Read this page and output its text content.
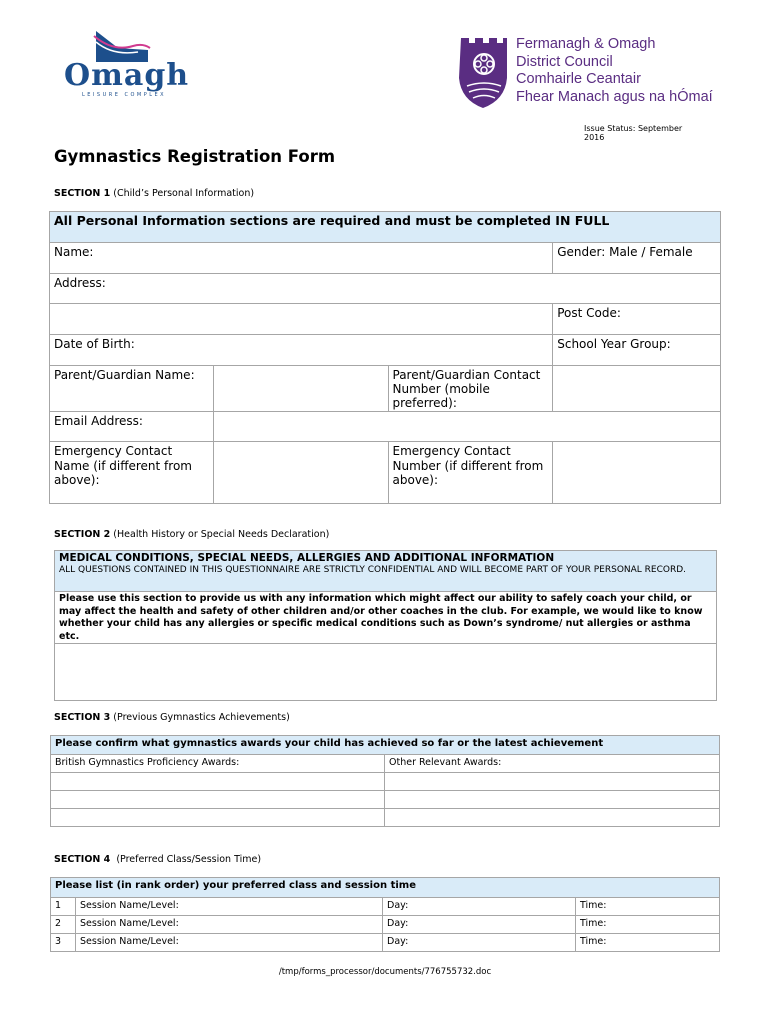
Omagh
LEISURE COMPLEX
Fermanagh & Omagh
District Council
Comhairle Ceantair
Fhear Manach agus na hÓmaí
Issue Status: September 2016
Gymnastics Registration Form
SECTION 1 (Child’s Personal Information)
All Personal Information sections are required and must be completed IN FULL			
Name:			Gender: Male / Female
Address:			
			Post Code:
Date of Birth:			School Year Group:
Parent/Guardian Name:		Parent/Guardian Contact Number (mobile preferred):	
Email Address:			
Emergency Contact Name (if different from above):		Emergency Contact Number (if different from above):	
SECTION 2 (Health History or Special Needs Declaration)
MEDICAL CONDITIONS, SPECIAL NEEDS, ALLERGIES AND ADDITIONAL INFORMATION
ALL QUESTIONS CONTAINED IN THIS QUESTIONNAIRE ARE STRICTLY CONFIDENTIAL AND WILL BECOME PART OF YOUR PERSONAL RECORD.

Please use this section to provide us with any information which might affect our ability to safely coach your child, or may affect the health and safety of other children and/or other coaches in the club. For example, we would like to know whether your child has any allergies or specific medical conditions such as Down’s syndrome/ nut allergies or asthma etc.

SECTION 3 (Previous Gymnastics Achievements)
Please confirm what gymnastics awards your child has achieved so far or the latest achievement	
British Gymnastics Proficiency Awards:	Other Relevant Awards:

SECTION 4 (Preferred Class/Session Time)
Please list (in rank order) your preferred class and session time			
1	Session Name/Level:	Day:	Time:
2	Session Name/Level:	Day:	Time:
3	Session Name/Level:	Day:	Time:
/tmp/forms_processor/documents/776755732.doc
